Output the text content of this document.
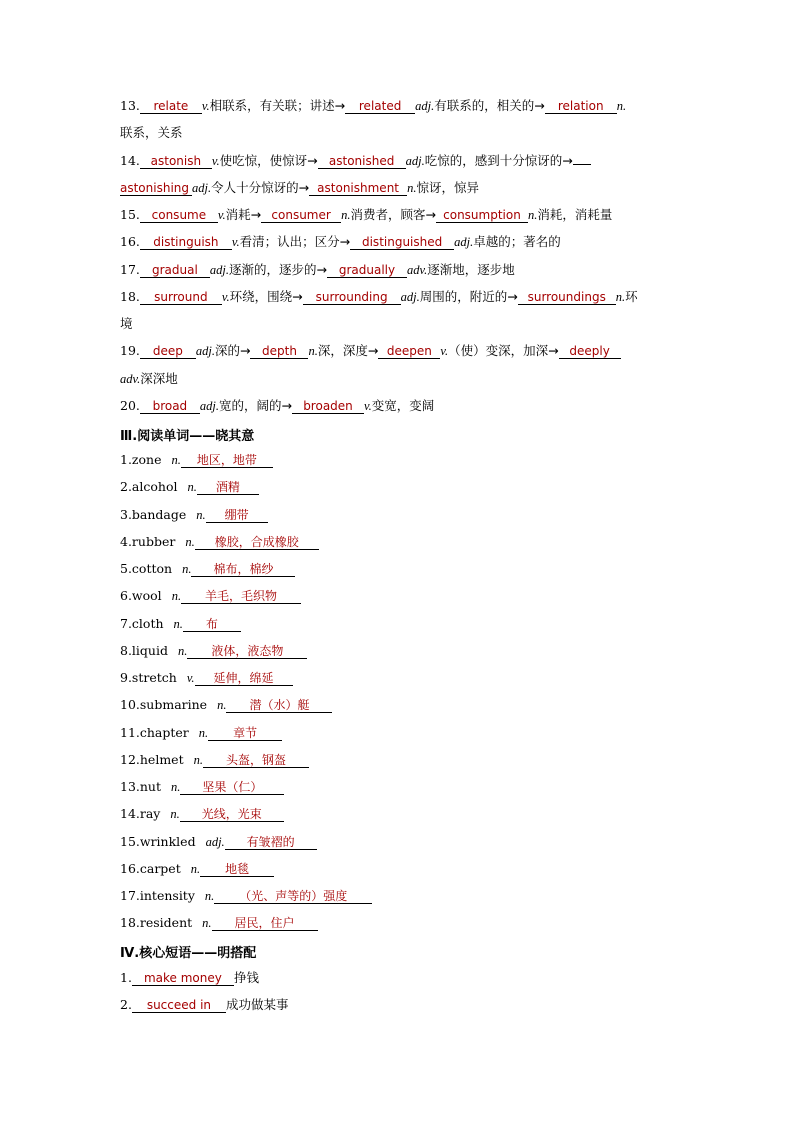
13. relate v.相联系，有关联；讲述→ related adj.有联系的，相关的→ relation n.
联系，关系
14. astonish v.使吃惊，使惊讶→ astonished adj.吃惊的，感到十分惊讶的→
astonishing adj.令人十分惊讶的→ astonishment n.惊讶，惊异
15. consume v.消耗→ consumer n.消费者，顾客→ consumption n.消耗，消耗量
16. distinguish v.看清；认出；区分→ distinguished adj.卓越的；著名的
17. gradual adj.逐渐的，逐步的→ gradually adv.逐渐地，逐步地
18. surround v.环绕，围绕→ surrounding adj.周围的，附近的→ surroundings n.环
境
19. deep adj.深的→ depth n.深，深度→ deepen v.（使）变深，加深→ deeply
adv.深深地
20. broad adj.宽的，阔的→ broaden v.变宽，变阔
Ⅲ.阅读单词——晓其意
1.zone n. 地区，地带
2.alcohol n. 酒精
3.bandage n. 绷带
4.rubber n. 橡胶，合成橡胶
5.cotton n. 棉布，棉纱
6.wool n. 羊毛，毛织物
7.cloth n. 布
8.liquid n. 液体，液态物
9.stretch v. 延伸，绵延
10.submarine n. 潜（水）艇
11.chapter n. 章节
12.helmet n. 头盔，钢盔
13.nut n. 坚果（仁）
14.ray n. 光线，光束
15.wrinkled adj. 有皱褶的
16.carpet n. 地毯
17.intensity n. （光、声等的）强度
18.resident n. 居民，住户
Ⅳ.核心短语——明搭配
1. make money 挣钱
2. succeed in 成功做某事
